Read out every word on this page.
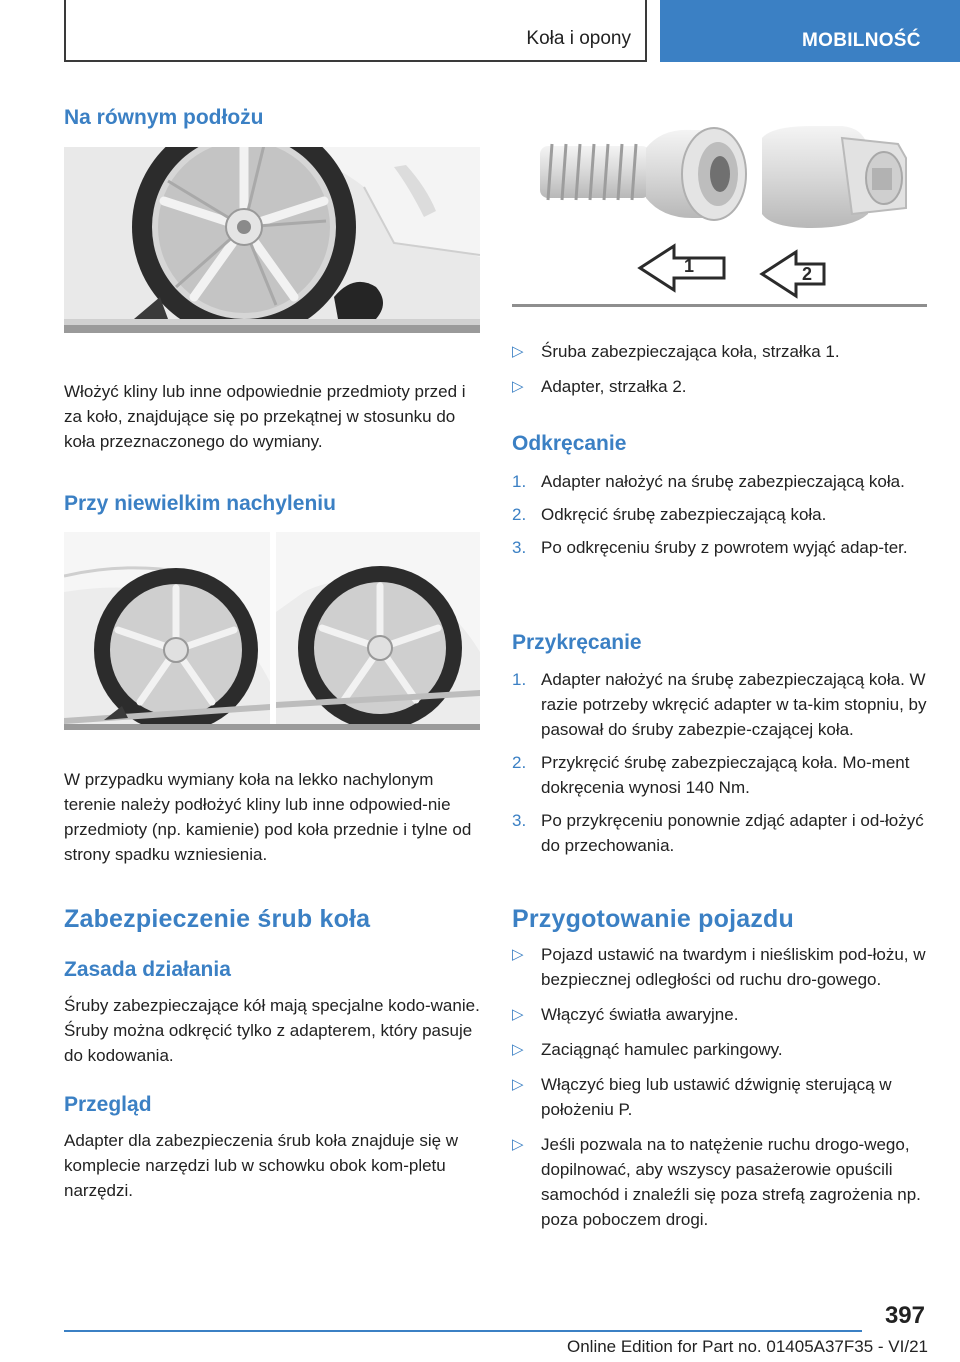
Koła i opony	MOBILNOŚĆ
Na równym podłożu
Włożyć kliny lub inne odpowiednie przedmioty przed i za koło, znajdujące się po przekątnej w stosunku do koła przeznaczonego do wymiany.
Przy niewielkim nachyleniu
W przypadku wymiany koła na lekko nachylonym terenie należy podłożyć kliny lub inne odpowied-nie przedmioty (np. kamienie) pod koła przednie i tylne od strony spadku wzniesienia.
Zabezpieczenie śrub koła
Zasada działania
Śruby zabezpieczające kół mają specjalne kodo-wanie. Śruby można odkręcić tylko z adapterem, który pasuje do kodowania.
Przegląd
Adapter dla zabezpieczenia śrub koła znajduje się w komplecie narzędzi lub w schowku obok kom-pletu narzędzi.
1	2
▷	Śruba zabezpieczająca koła, strzałka 1.
▷	Adapter, strzałka 2.
Odkręcanie
1. Adapter nałożyć na śrubę zabezpieczającą koła.
2. Odkręcić śrubę zabezpieczającą koła.
3. Po odkręceniu śruby z powrotem wyjąć adap-ter.
Przykręcanie
1. Adapter nałożyć na śrubę zabezpieczającą koła. W razie potrzeby wkręcić adapter w ta-kim stopniu, by pasował do śruby zabezpie-czającej koła.
2. Przykręcić śrubę zabezpieczającą koła. Mo-ment dokręcenia wynosi 140 Nm.
3. Po przykręceniu ponownie zdjąć adapter i od-łożyć do przechowania.
Przygotowanie pojazdu
▷	Pojazd ustawić na twardym i nieśliskim pod-łożu, w bezpiecznej odległości od ruchu dro-gowego.
▷	Włączyć światła awaryjne.
▷	Zaciągnąć hamulec parkingowy.
▷	Włączyć bieg lub ustawić dźwignię sterującą w położeniu P.
▷	Jeśli pozwala na to natężenie ruchu drogo-wego, dopilnować, aby wszyscy pasażerowie opuścili samochód i znaleźli się poza strefą zagrożenia np. poza poboczem drogi.
397
Online Edition for Part no. 01405A37F35 - VI/21
